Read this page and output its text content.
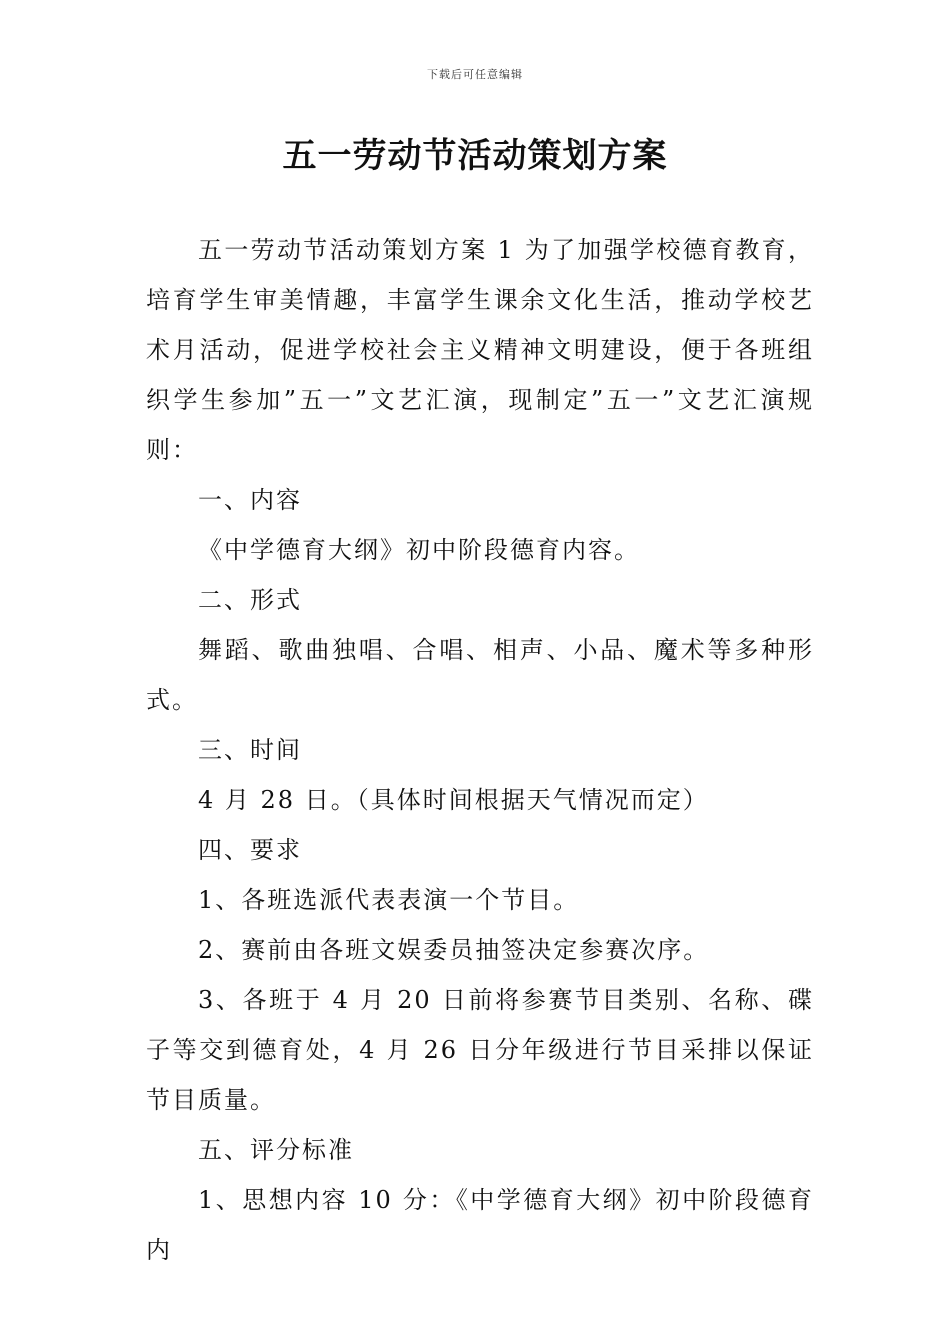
下载后可任意编辑
五一劳动节活动策划方案

五一劳动节活动策划方案 1 为了加强学校德育教育，培育学生审美情趣，丰富学生课余文化生活，推动学校艺术月活动，促进学校社会主义精神文明建设，便于各班组织学生参加”五一”文艺汇演，现制定”五一”文艺汇演规则：

一、内容

《中学德育大纲》初中阶段德育内容。

二、形式

舞蹈、歌曲独唱、合唱、相声、小品、魔术等多种形式。

三、时间

4 月 28 日。（具体时间根据天气情况而定）

四、要求

1、各班选派代表表演一个节目。

2、赛前由各班文娱委员抽签决定参赛次序。

3、各班于 4 月 20 日前将参赛节目类别、名称、碟子等交到德育处，4 月 26 日分年级进行节目采排以保证节目质量。

五、评分标准

1、思想内容 10 分：《中学德育大纲》初中阶段德育内
